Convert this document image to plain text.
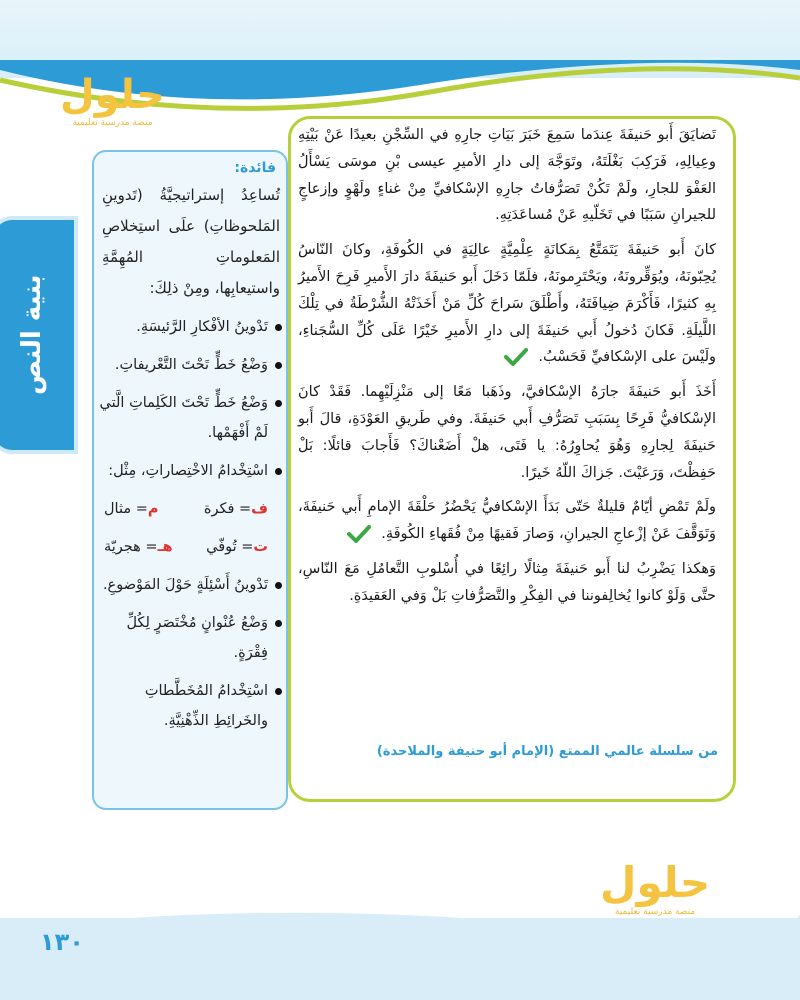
حلول
منصة مدرسية تعليمية
بنية النص

تَضايَقَ أَبو حَنيفَةَ عِندَما سَمِعَ خَبَرَ بَيَاتِ جارِهِ في السِّجْنِ بعيدًا عَنْ بَيْتِهِ وعِيالِهِ، فَرَكِبَ بَغْلَتَهُ، وتَوَجَّهَ إلى دارِ الأميرِ عيسى بْنِ موسَى يَسْأَلُ العَفْوَ للجارِ، ولَمْ تَكُنْ تَصَرُّفاتُ جارِهِ الإسْكافيِّ مِنْ غناءٍ ولَهْوٍ وإزعاجٍ للجيرانِ سَبَبًا في تَخَلّيهِ عَنْ مُساعَدَتِهِ.

كانَ أَبو حَنيفَةَ يَتَمَتَّعُ بِمَكانَةٍ عِلْمِيَّةٍ عالِيَةٍ في الكُوفَةِ، وكانَ النّاسُ يُحِبّونَهُ، ويُوَقِّرونَهُ، ويَحْتَرِمونَهُ، فلَمّا دَخَلَ أَبو حَنيفَةَ دارَ الأَميرِ فَرِحَ الأَميرُ بِهِ كثيرًا، فَأَكْرَمَ ضِيافَتَهُ، وأَطْلَقَ سَراحَ كُلِّ مَنْ أَخَذَتْهُ الشُّرْطَةُ في تِلْكَ اللَّيلَةِ. فَكانَ دُخولُ أَبي حَنيفَةَ إلى دارِ الأَميرِ خَيْرًا عَلَى كُلِّ السُّجَناءِ، ولَيْسَ على الإسْكافيِّ فَحَسْبُ.

أَخَذَ أَبو حَنيفَةَ جارَهُ الإسْكافيَّ، وذَهَبا مَعًا إلى مَنْزِلَيْهِما. فَقَدْ كانَ الإسْكافيُّ فَرِحًا بِسَبَبِ تَصَرُّفِ أَبي حَنيفَةَ. وفي طَريقِ العَوْدَةِ، قالَ أَبو حَنيفَةَ لِجارِهِ وَهُوَ يُحاوِرُهُ: يا فَتَى، هلْ أَضَعْناكَ؟ فَأَجابَ قائلًا: بَلْ حَفِظْتَ، وَرَعَيْتَ. جَزاكَ اللّهُ خَيرًا.

ولَمْ تَمْضِ أيّامٌ قليلةٌ حَتّى بَدَأَ الإسْكافيُّ يَحْضُرُ حَلْقَةَ الإمامِ أَبي حَنيفَةَ، وَتَوَقَّفَ عَنْ إزْعاجِ الجيرانِ، وَصارَ فَقيهًا مِنْ فُقَهاءِ الكُوفَةِ.

وَهكذا يَضْرِبُ لنا أَبو حَنيفَةَ مِثالًا رائِعًا في أُسْلوبِ التَّعامُلِ مَعَ النّاسِ، حتَّى وَلَوْ كانوا يُخالِفوننا في الفِكْرِ والتَّصَرُّفاتِ بَلْ وَفي العَقيدَةِ.

من سلسلة عالمي الممتع (الإمام أبو حنيفة والملاحدة)
فائدة:
تُساعِدُ إستراتيجيَّةُ (تَدوينِ المَلحوظاتِ) علَى استِخلاصِ المَعلوماتِ المُهِمَّةِ واستيعابِها، ومِنْ ذلِكَ:
تَدْوينُ الأفْكارِ الرَّئيسَةِ.
وَضْعُ خَطٍّ تَحْتَ التَّعْريفاتِ.
وَضْعُ خَطٍّ تَحْتَ الكَلِماتِ الَّتي لَمْ أَفْهَمْها.
اسْتِخْدامُ الاخْتِصاراتِ، مِثْل:
ف= فكرة
م= مثال
ت= تُوفّي
هـ= هجريّة
تَدْوينُ أَسْئِلَةٍ حَوْلَ المَوْضوعِ.
وَضْعُ عُنْوانٍ مُخْتَصَرٍ لِكُلِّ فِقْرَةٍ.
اسْتِخْدامُ المُخَطَّطاتِ والخَرائِطِ الذِّهْنِيَّةِ.
حلول
منصة مدرسية تعليمية
١٣٠
